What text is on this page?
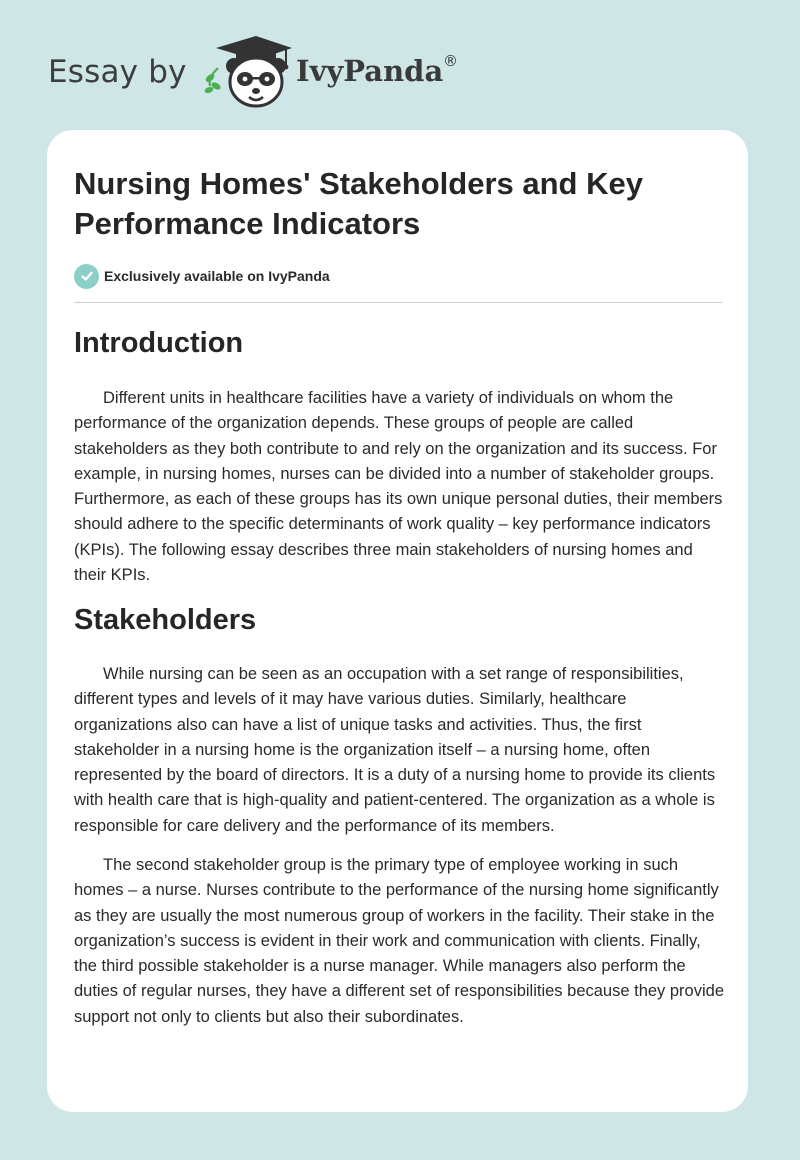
Essay by	IvyPanda ®
Nursing Homes' Stakeholders and Key Performance Indicators
Exclusively available on IvyPanda
Introduction

Different units in healthcare facilities have a variety of individuals on whom the performance of the organization depends. These groups of people are called stakeholders as they both contribute to and rely on the organization and its success. For example, in nursing homes, nurses can be divided into a number of stakeholder groups. Furthermore, as each of these groups has its own unique personal duties, their members should adhere to the specific determinants of work quality – key performance indicators (KPIs). The following essay describes three main stakeholders of nursing homes and their KPIs.

Stakeholders

While nursing can be seen as an occupation with a set range of responsibilities, different types and levels of it may have various duties. Similarly, healthcare organizations also can have a list of unique tasks and activities. Thus, the first stakeholder in a nursing home is the organization itself – a nursing home, often represented by the board of directors. It is a duty of a nursing home to provide its clients with health care that is high-quality and patient-centered. The organization as a whole is responsible for care delivery and the performance of its members.

The second stakeholder group is the primary type of employee working in such homes – a nurse. Nurses contribute to the performance of the nursing home significantly as they are usually the most numerous group of workers in the facility. Their stake in the organization’s success is evident in their work and communication with clients. Finally, the third possible stakeholder is a nurse manager. While managers also perform the duties of regular nurses, they have a different set of responsibilities because they provide support not only to clients but also their subordinates.
